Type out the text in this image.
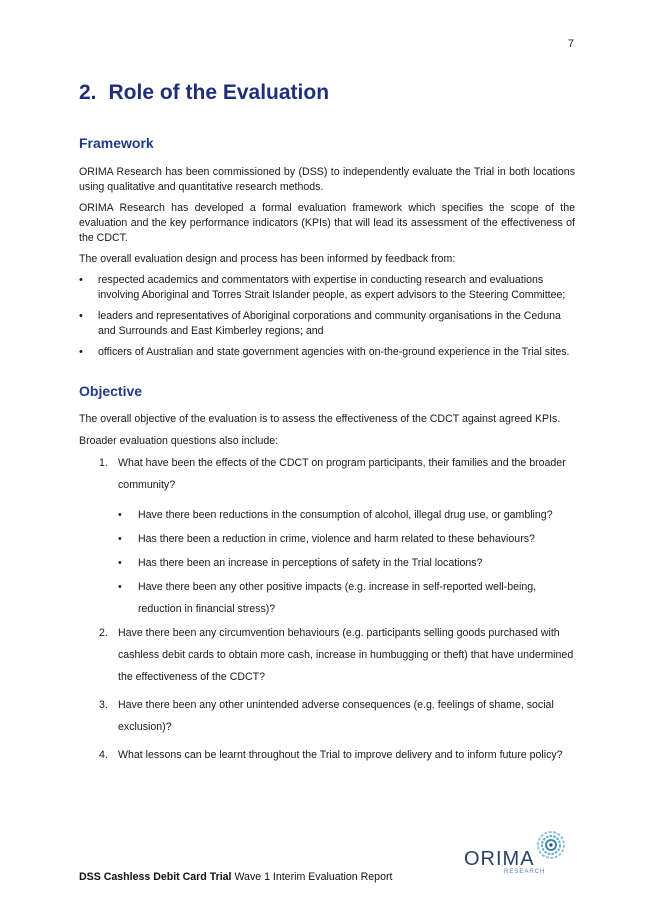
7
2. Role of the Evaluation
Framework

ORIMA Research has been commissioned by (DSS) to independently evaluate the Trial in both locations using qualitative and quantitative research methods.

ORIMA Research has developed a formal evaluation framework which specifies the scope of the evaluation and the key performance indicators (KPIs) that will lead its assessment of the effectiveness of the CDCT.

The overall evaluation design and process has been informed by feedback from:

• respected academics and commentators with expertise in conducting research and evaluations involving Aboriginal and Torres Strait Islander people, as expert advisors to the Steering Committee;
• leaders and representatives of Aboriginal corporations and community organisations in the Ceduna and Surrounds and East Kimberley regions; and
• officers of Australian and state government agencies with on-the-ground experience in the Trial sites.
Objective

The overall objective of the evaluation is to assess the effectiveness of the CDCT against agreed KPIs.

Broader evaluation questions also include:

1. What have been the effects of the CDCT on program participants, their families and the broader community?
• Have there been reductions in the consumption of alcohol, illegal drug use, or gambling?
• Has there been a reduction in crime, violence and harm related to these behaviours?
• Has there been an increase in perceptions of safety in the Trial locations?
• Have there been any other positive impacts (e.g. increase in self-reported well-being, reduction in financial stress)?
2. Have there been any circumvention behaviours (e.g. participants selling goods purchased with cashless debit cards to obtain more cash, increase in humbugging or theft) that have undermined the effectiveness of the CDCT?
3. Have there been any other unintended adverse consequences (e.g. feelings of shame, social exclusion)?
4. What lessons can be learnt throughout the Trial to improve delivery and to inform future policy?
ORIMA
RESEARCH
DSS Cashless Debit Card Trial Wave 1 Interim Evaluation Report
